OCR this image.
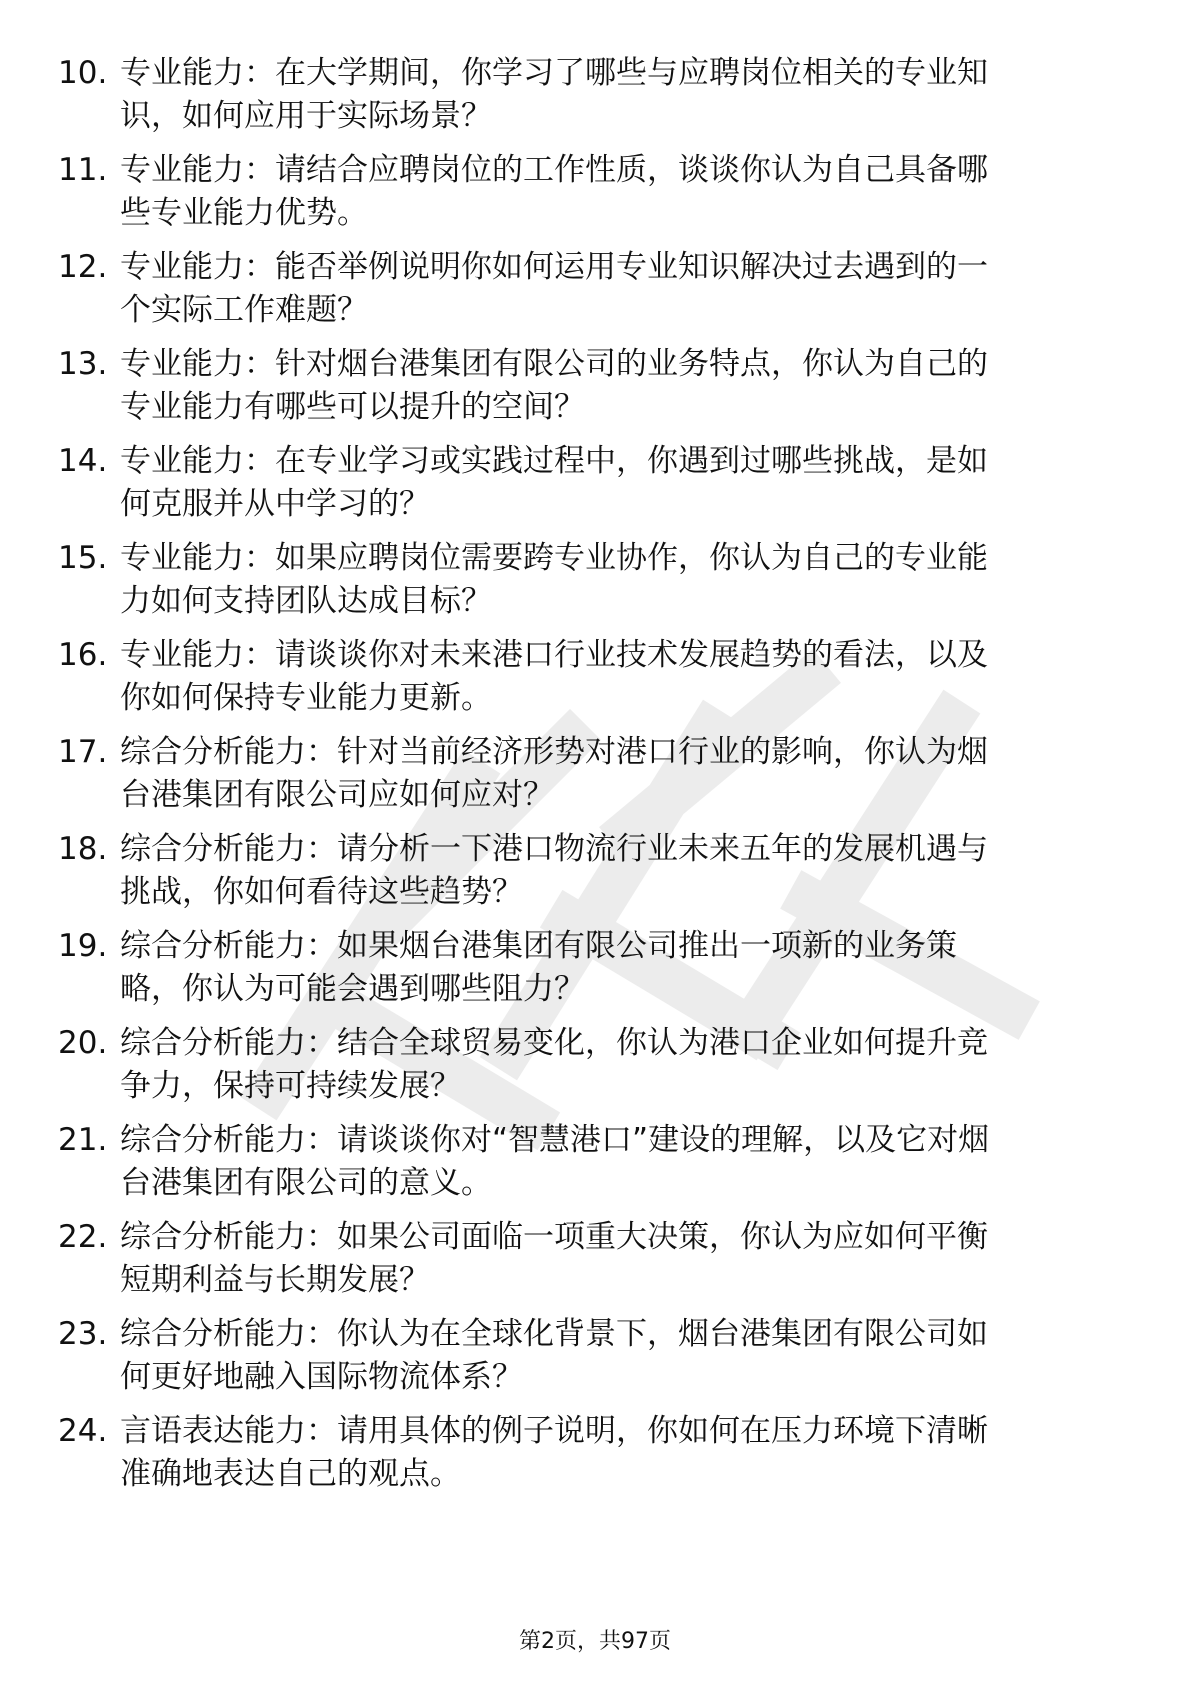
10. 专业能力：在大学期间，你学习了哪些与应聘岗位相关的专业知
识，如何应用于实际场景？
11. 专业能力：请结合应聘岗位的工作性质，谈谈你认为自己具备哪
些专业能力优势。
12. 专业能力：能否举例说明你如何运用专业知识解决过去遇到的一
个实际工作难题？
13. 专业能力：针对烟台港集团有限公司的业务特点，你认为自己的
专业能力有哪些可以提升的空间？
14. 专业能力：在专业学习或实践过程中，你遇到过哪些挑战，是如
何克服并从中学习的？
15. 专业能力：如果应聘岗位需要跨专业协作，你认为自己的专业能
力如何支持团队达成目标？
16. 专业能力：请谈谈你对未来港口行业技术发展趋势的看法，以及
你如何保持专业能力更新。
17. 综合分析能力：针对当前经济形势对港口行业的影响，你认为烟
台港集团有限公司应如何应对？
18. 综合分析能力：请分析一下港口物流行业未来五年的发展机遇与
挑战，你如何看待这些趋势？
19. 综合分析能力：如果烟台港集团有限公司推出一项新的业务策
略，你认为可能会遇到哪些阻力？
20. 综合分析能力：结合全球贸易变化，你认为港口企业如何提升竞
争力，保持可持续发展？
21. 综合分析能力：请谈谈你对“智慧港口”建设的理解，以及它对烟
台港集团有限公司的意义。
22. 综合分析能力：如果公司面临一项重大决策，你认为应如何平衡
短期利益与长期发展？
23. 综合分析能力：你认为在全球化背景下，烟台港集团有限公司如
何更好地融入国际物流体系？
24. 言语表达能力：请用具体的例子说明，你如何在压力环境下清晰
准确地表达自己的观点。
第2页，共97页
